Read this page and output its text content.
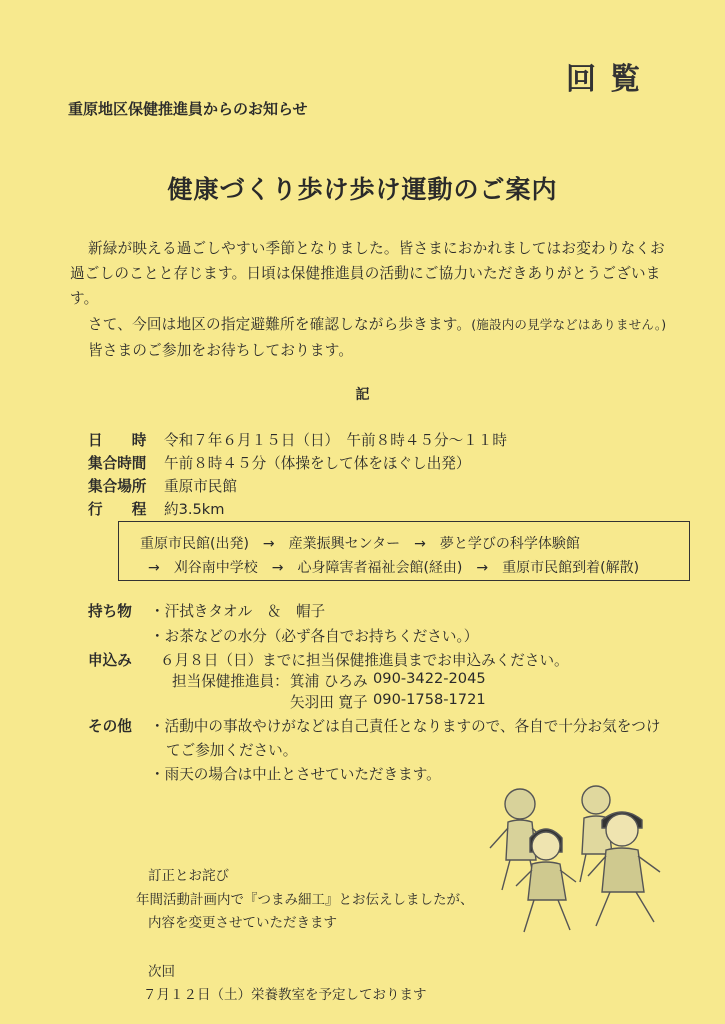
回覧
重原地区保健推進員からのお知らせ
健康づくり歩け歩け運動のご案内
新緑が映える過ごしやすい季節となりました。皆さまにおかれましてはお変わりなくお
過ごしのことと存じます。日頃は保健推進員の活動にご協力いただきありがとうございま
す。
さて、今回は地区の指定避難所を確認しながら歩きます。(施設内の見学などはありません。)
皆さまのご参加をお待ちしております。
記
日　　時 令和７年６月１５日（日）　午前８時４５分～１１時
集合時間 午前８時４５分（体操をして体をほぐし出発）
集合場所 重原市民館
行　　程 約3.5km
重原市民館(出発)　→　産業振興センター　→　夢と学びの科学体験館
→　刈谷南中学校　→　心身障害者福祉会館(経由)　→　重原市民館到着(解散)
持ち物 ・汗拭きタオル　＆　帽子
・お茶などの水分（必ず各自でお持ちください。）
申込み ６月８日（日）までに担当保健推進員までお申込みください。
担当保健推進員： 箕浦 ひろみ 090-3422-2045
矢羽田 寛子 090-1758-1721
その他 ・活動中の事故やけがなどは自己責任となりますので、各自で十分お気をつけ
てご参加ください。
・雨天の場合は中止とさせていただきます。
訂正とお詫び
年間活動計画内で『つまみ細工』とお伝えしましたが、
内容を変更させていただきます
次回
７月１２日（土）栄養教室を予定しております
